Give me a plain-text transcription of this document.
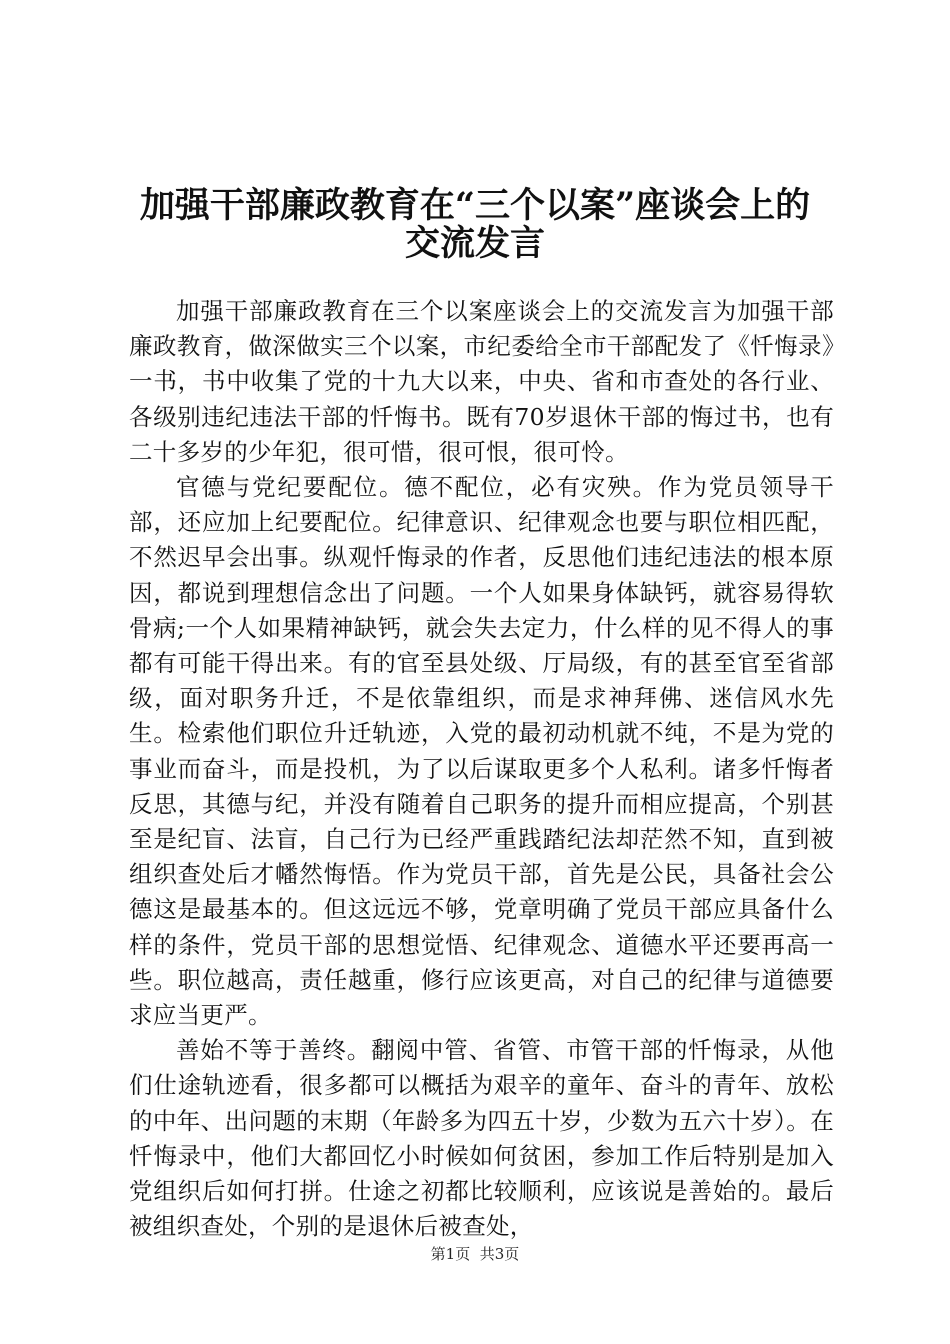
加强干部廉政教育在“三个以案”座谈会上的
交流发言

加强干部廉政教育在三个以案座谈会上的交流发言为加强干部廉政教育，做深做实三个以案，市纪委给全市干部配发了《忏悔录》一书，书中收集了党的十九大以来，中央、省和市查处的各行业、各级别违纪违法干部的忏悔书。既有70岁退休干部的悔过书，也有二十多岁的少年犯，很可惜，很可恨，很可怜。

官德与党纪要配位。德不配位，必有灾殃。作为党员领导干部，还应加上纪要配位。纪律意识、纪律观念也要与职位相匹配，不然迟早会出事。纵观忏悔录的作者，反思他们违纪违法的根本原因，都说到理想信念出了问题。一个人如果身体缺钙，就容易得软骨病;一个人如果精神缺钙，就会失去定力，什么样的见不得人的事都有可能干得出来。有的官至县处级、厅局级，有的甚至官至省部级，面对职务升迁，不是依靠组织，而是求神拜佛、迷信风水先生。检索他们职位升迁轨迹，入党的最初动机就不纯，不是为党的事业而奋斗，而是投机，为了以后谋取更多个人私利。诸多忏悔者反思，其德与纪，并没有随着自己职务的提升而相应提高，个别甚至是纪盲、法盲，自己行为已经严重践踏纪法却茫然不知，直到被组织查处后才幡然悔悟。作为党员干部，首先是公民，具备社会公德这是最基本的。但这远远不够，党章明确了党员干部应具备什么样的条件，党员干部的思想觉悟、纪律观念、道德水平还要再高一些。职位越高，责任越重，修行应该更高，对自己的纪律与道德要求应当更严。

善始不等于善终。翻阅中管、省管、市管干部的忏悔录，从他们仕途轨迹看，很多都可以概括为艰辛的童年、奋斗的青年、放松的中年、出问题的末期（年龄多为四五十岁，少数为五六十岁）。在忏悔录中，他们大都回忆小时候如何贫困，参加工作后特别是加入党组织后如何打拼。仕途之初都比较顺利，应该说是善始的。最后被组织查处，个别的是退休后被查处，

第1页 共3页
